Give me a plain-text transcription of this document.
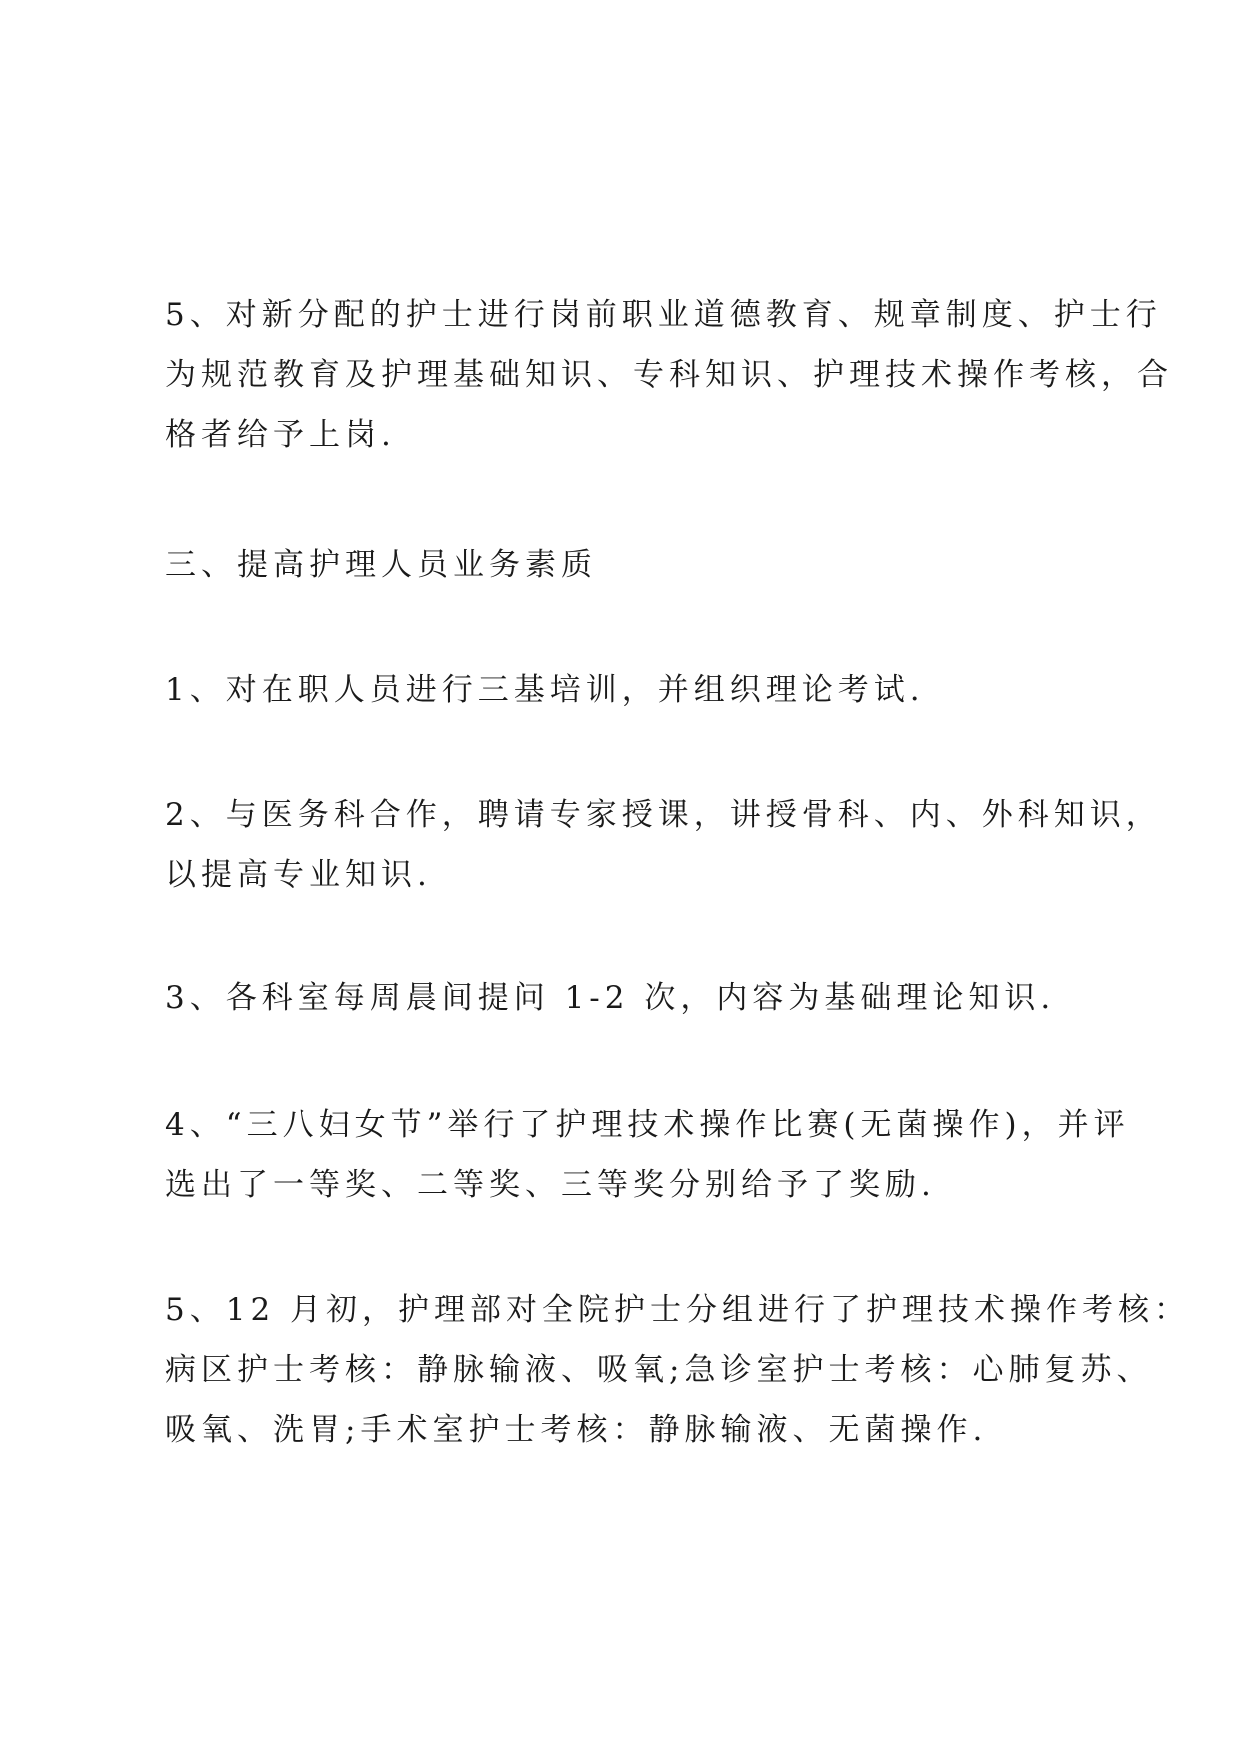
5、对新分配的护士进行岗前职业道德教育、规章制度、护士行
为规范教育及护理基础知识、专科知识、护理技术操作考核，合
格者给予上岗.

三、提高护理人员业务素质

1、对在职人员进行三基培训，并组织理论考试.

2、与医务科合作，聘请专家授课，讲授骨科、内、外科知识，
以提高专业知识.

3、各科室每周晨间提问 1-2 次，内容为基础理论知识.

4、“三八妇女节”举行了护理技术操作比赛(无菌操作)，并评
选出了一等奖、二等奖、三等奖分别给予了奖励.

5、12 月初，护理部对全院护士分组进行了护理技术操作考核：
病区护士考核：静脉输液、吸氧;急诊室护士考核：心肺复苏、
吸氧、洗胃;手术室护士考核：静脉输液、无菌操作.
